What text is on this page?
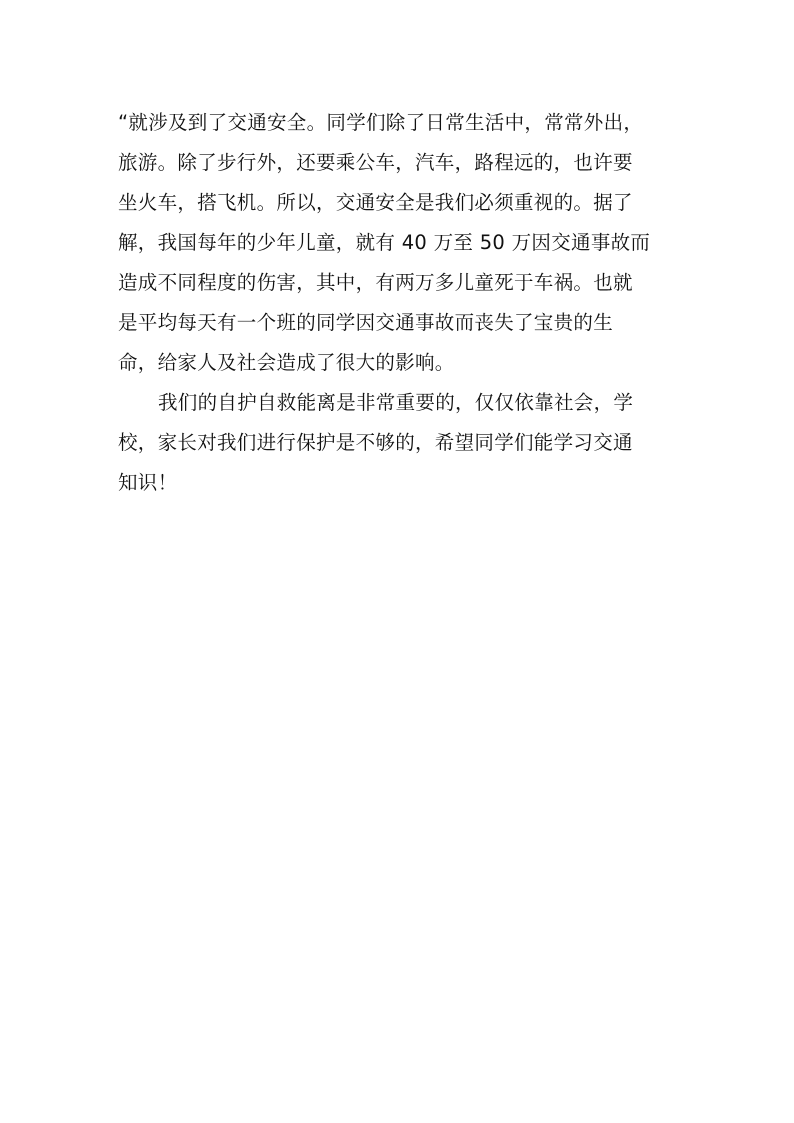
“就涉及到了交通安全。同学们除了日常生活中，常常外出，
旅游。除了步行外，还要乘公车，汽车，路程远的，也许要
坐火车，搭飞机。所以，交通安全是我们必须重视的。据了
解，我国每年的少年儿童，就有 40 万至 50 万因交通事故而
造成不同程度的伤害，其中，有两万多儿童死于车祸。也就
是平均每天有一个班的同学因交通事故而丧失了宝贵的生
命，给家人及社会造成了很大的影响。
我们的自护自救能离是非常重要的，仅仅依靠社会，学
校，家长对我们进行保护是不够的，希望同学们能学习交通
知识！
